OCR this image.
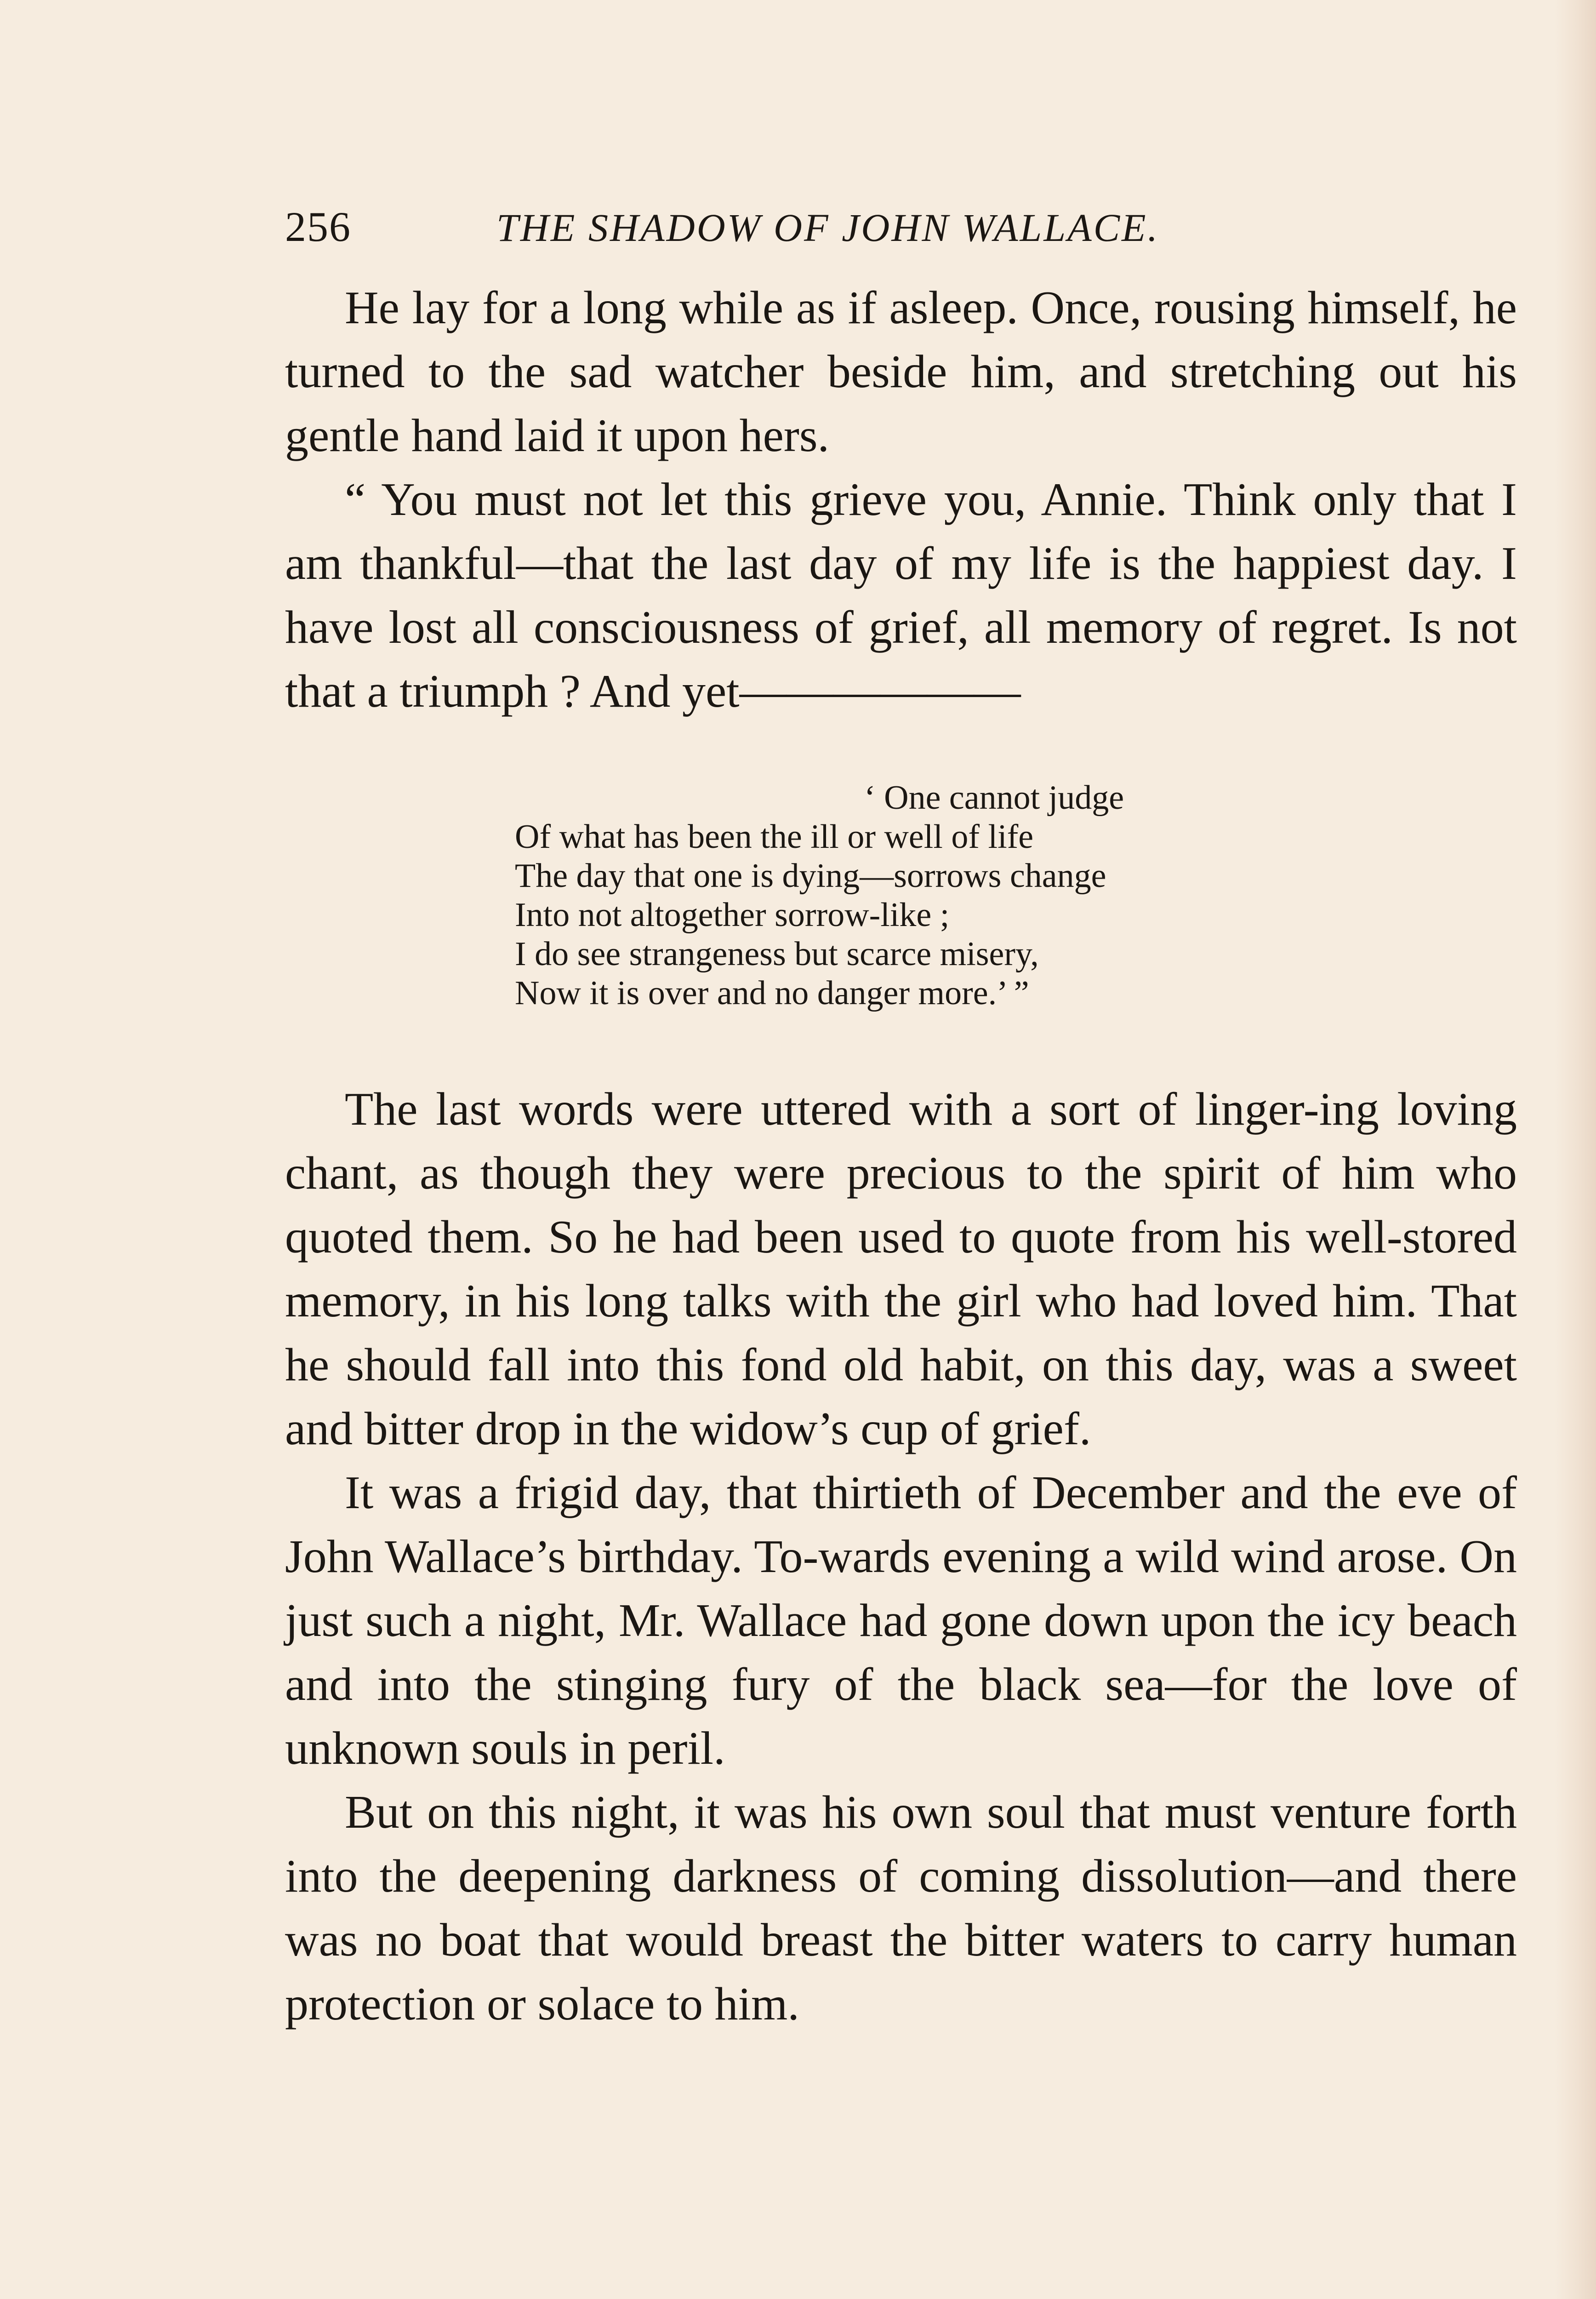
256	THE SHADOW OF JOHN WALLACE.

He lay for a long while as if asleep. Once, rousing himself, he turned to the sad watcher beside him, and stretching out his gentle hand laid it upon hers.

“ You must not let this grieve you, Annie. Think only that I am thankful—that the last day of my life is the happiest day. I have lost all consciousness of grief, all memory of regret. Is not that a triumph ? And yet——————

‘ One cannot judge
Of what has been the ill or well of life
The day that one is dying—sorrows change
Into not altogether sorrow-like ;
I do see strangeness but scarce misery,
Now it is over and no danger more.’ ”

The last words were uttered with a sort of linger-ing loving chant, as though they were precious to the spirit of him who quoted them. So he had been used to quote from his well-stored memory, in his long talks with the girl who had loved him. That he should fall into this fond old habit, on this day, was a sweet and bitter drop in the widow’s cup of grief.

It was a frigid day, that thirtieth of December and the eve of John Wallace’s birthday. To-wards evening a wild wind arose. On just such a night, Mr. Wallace had gone down upon the icy beach and into the stinging fury of the black sea—for the love of unknown souls in peril.

But on this night, it was his own soul that must venture forth into the deepening darkness of coming dissolution—and there was no boat that would breast the bitter waters to carry human protection or solace to him.
